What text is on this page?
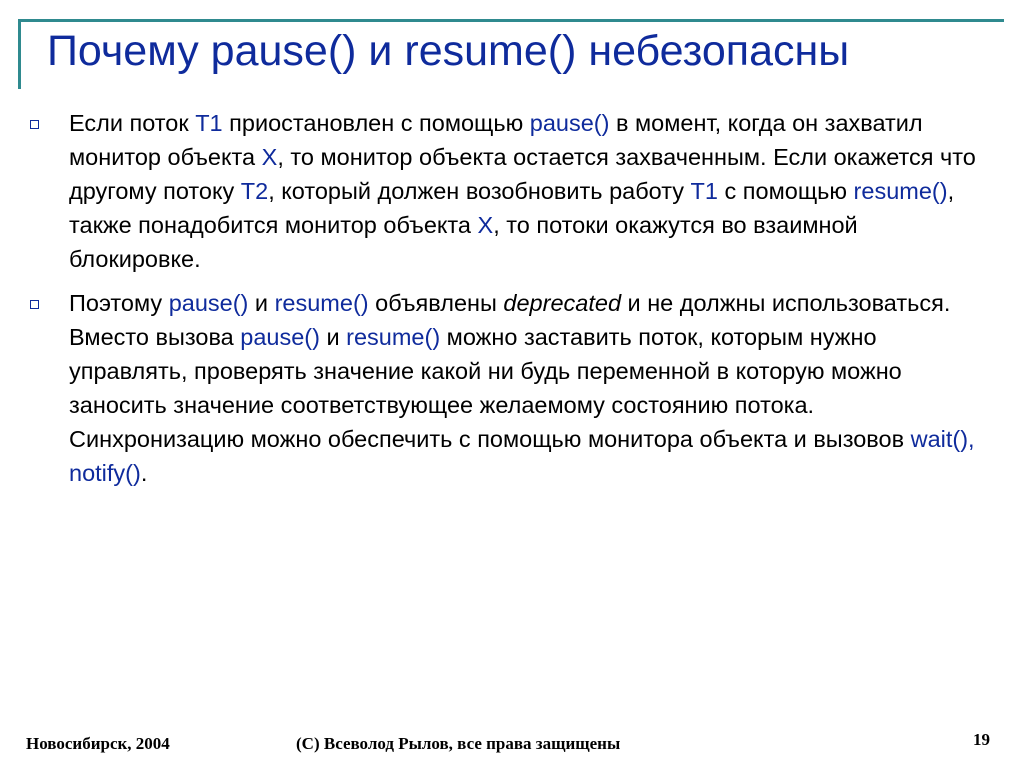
Почему pause() и resume() небезопасны
Если поток T1 приостановлен с помощью pause() в момент, когда он захватил монитор объекта X, то монитор объекта остается захваченным. Если окажется что другому потоку T2, который должен возобновить работу T1 с помощью resume(), также понадобится монитор объекта X, то потоки окажутся во взаимной блокировке.
Поэтому pause() и resume() объявлены deprecated и не должны использоваться. Вместо вызова pause() и resume() можно заставить поток, которым нужно управлять, проверять значение какой ни будь переменной в которую можно заносить значение соответствующее желаемому состоянию потока. Синхронизацию можно обеспечить с помощью монитора объекта и вызовов wait(), notify().
Новосибирск, 2004	(C) Всеволод Рылов, все права защищены	19
